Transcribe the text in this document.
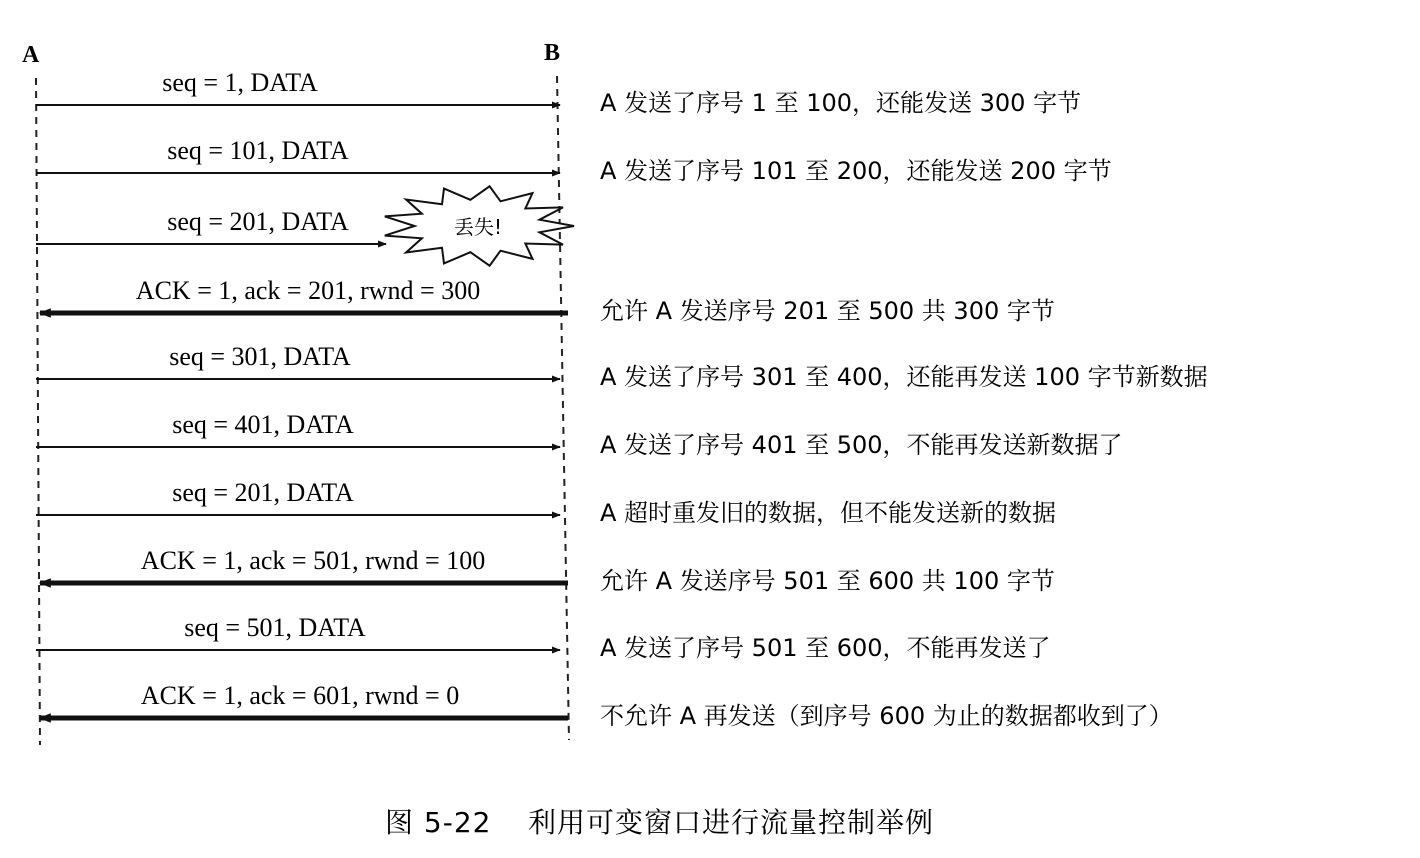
A	B
seq = 1, DATA
A 发送了序号 1 至 100，还能发送 300 字节
seq = 101, DATA
A 发送了序号 101 至 200，还能发送 200 字节
seq = 201, DATA	丢失!
ACK = 1, ack = 201, rwnd = 300
允许 A 发送序号 201 至 500 共 300 字节
seq = 301, DATA
A 发送了序号 301 至 400，还能再发送 100 字节新数据
seq = 401, DATA
A 发送了序号 401 至 500，不能再发送新数据了
seq = 201, DATA
A 超时重发旧的数据，但不能发送新的数据
ACK = 1, ack = 501, rwnd = 100
允许 A 发送序号 501 至 600 共 100 字节
seq = 501, DATA
A 发送了序号 501 至 600，不能再发送了
ACK = 1, ack = 601, rwnd = 0
不允许 A 再发送（到序号 600 为止的数据都收到了）
图 5-22 利用可变窗口进行流量控制举例
